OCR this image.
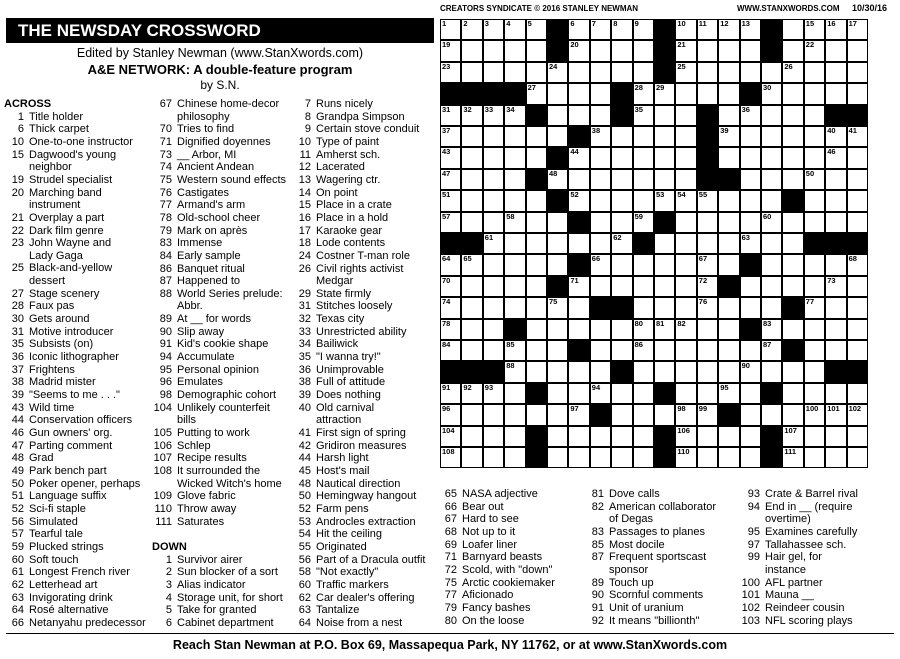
CREATORS SYNDICATE © 2016 STANLEY NEWMAN	WWW.STANXWORDS.COM 10/30/16
THE NEWSDAY CROSSWORD
Edited by Stanley Newman (www.StanXwords.com)
A&E NETWORK: A double-feature program
by S.N.
ACROSS
1 Title holder
6 Thick carpet
10 One-to-one instructor
15 Dagwood's young
neighbor
19 Strudel specialist
20 Marching band
instrument
21 Overplay a part
22 Dark film genre
23 John Wayne and
Lady Gaga
25 Black-and-yellow
dessert
27 Stage scenery
28 Faux pas
30 Gets around
31 Motive introducer
35 Subsists (on)
36 Iconic lithographer
37 Frightens
38 Madrid mister
39 "Seems to me . . ."
43 Wild time
44 Conservation officers
46 Gun owners' org.
47 Parting comment
48 Grad
49 Park bench part
50 Poker opener, perhaps
51 Language suffix
52 Sci-fi staple
56 Simulated
57 Tearful tale
59 Plucked strings
60 Soft touch
61 Longest French river
62 Letterhead art
63 Invigorating drink
64 Rosé alternative
66 Netanyahu predecessor
67 Chinese home-decor
philosophy
70 Tries to find
71 Dignified doyennes
73 __ Arbor, MI
74 Ancient Andean
75 Western sound effects
76 Castigates
77 Armand's arm
78 Old-school cheer
79 Mark on après
83 Immense
84 Early sample
86 Banquet ritual
87 Happened to
88 World Series prelude:
Abbr.
89 At __ for words
90 Slip away
91 Kid's cookie shape
94 Accumulate
95 Personal opinion
96 Emulates
98 Demographic cohort
104 Unlikely counterfeit
bills
105 Putting to work
106 Schlep
107 Recipe results
108 It surrounded the
Wicked Witch's home
109 Glove fabric
110 Throw away
111 Saturates
DOWN
1 Survivor airer
2 Sun blocker of a sort
3 Alias indicator
4 Storage unit, for short
5 Take for granted
6 Cabinet department
7 Runs nicely
8 Grandpa Simpson
9 Certain stove conduit
10 Type of paint
11 Amherst sch.
12 Lacerated
13 Wagering ctr.
14 On point
15 Place in a crate
16 Place in a hold
17 Karaoke gear
18 Lode contents
24 Costner T-man role
26 Civil rights activist
Medgar
29 State firmly
31 Stitches loosely
32 Texas city
33 Unrestricted ability
34 Bailiwick
35 "I wanna try!"
36 Unimprovable
38 Full of attitude
39 Does nothing
40 Old carnival
attraction
41 First sign of spring
42 Gridiron measures
44 Harsh light
45 Host's mail
48 Nautical direction
50 Hemingway hangout
52 Farm pens
53 Androcles extraction
54 Hit the ceiling
55 Originated
56 Part of a Dracula outfit
58 "Not exactly"
60 Traffic markers
62 Car dealer's offering
63 Tantalize
64 Noise from a nest
65 NASA adjective
66 Bear out
67 Hard to see
68 Not up to it
69 Loafer liner
71 Barnyard beasts
72 Scold, with "down"
75 Arctic cookiemaker
77 Aficionado
79 Fancy bashes
80 On the loose
81 Dove calls
82 American collaborator
of Degas
83 Passages to planes
85 Most docile
87 Frequent sportscast
sponsor
89 Touch up
90 Scornful comments
91 Unit of uranium
92 It means "billionth"
93 Crate & Barrel rival
94 End in __ (require
overtime)
95 Examines carefully
97 Tallahassee sch.
99 Hair gel, for
instance
100 AFL partner
101 Mauna __
102 Reindeer cousin
103 NFL scoring plays
1 2 3 4 5	6 7 8 9	10 11 12 13	15 16 17
19	20	21	22
23	24	25	26
27	28 29	30
31 32 33 34	35	36
37	38	39	40 41
43	44	46
47	48	50
51	52	53 54 55
57	58	59	60
61	62	63
64 65	66	67	68
70	71	72	73
74	75	76	77
78	80 81 82	83
84	85	86	87
88	90
91 92 93	94	95
96	97	98 99	100 101 102
104	106	107
108	110	111
Reach Stan Newman at P.O. Box 69, Massapequa Park, NY 11762, or at www.StanXwords.com
